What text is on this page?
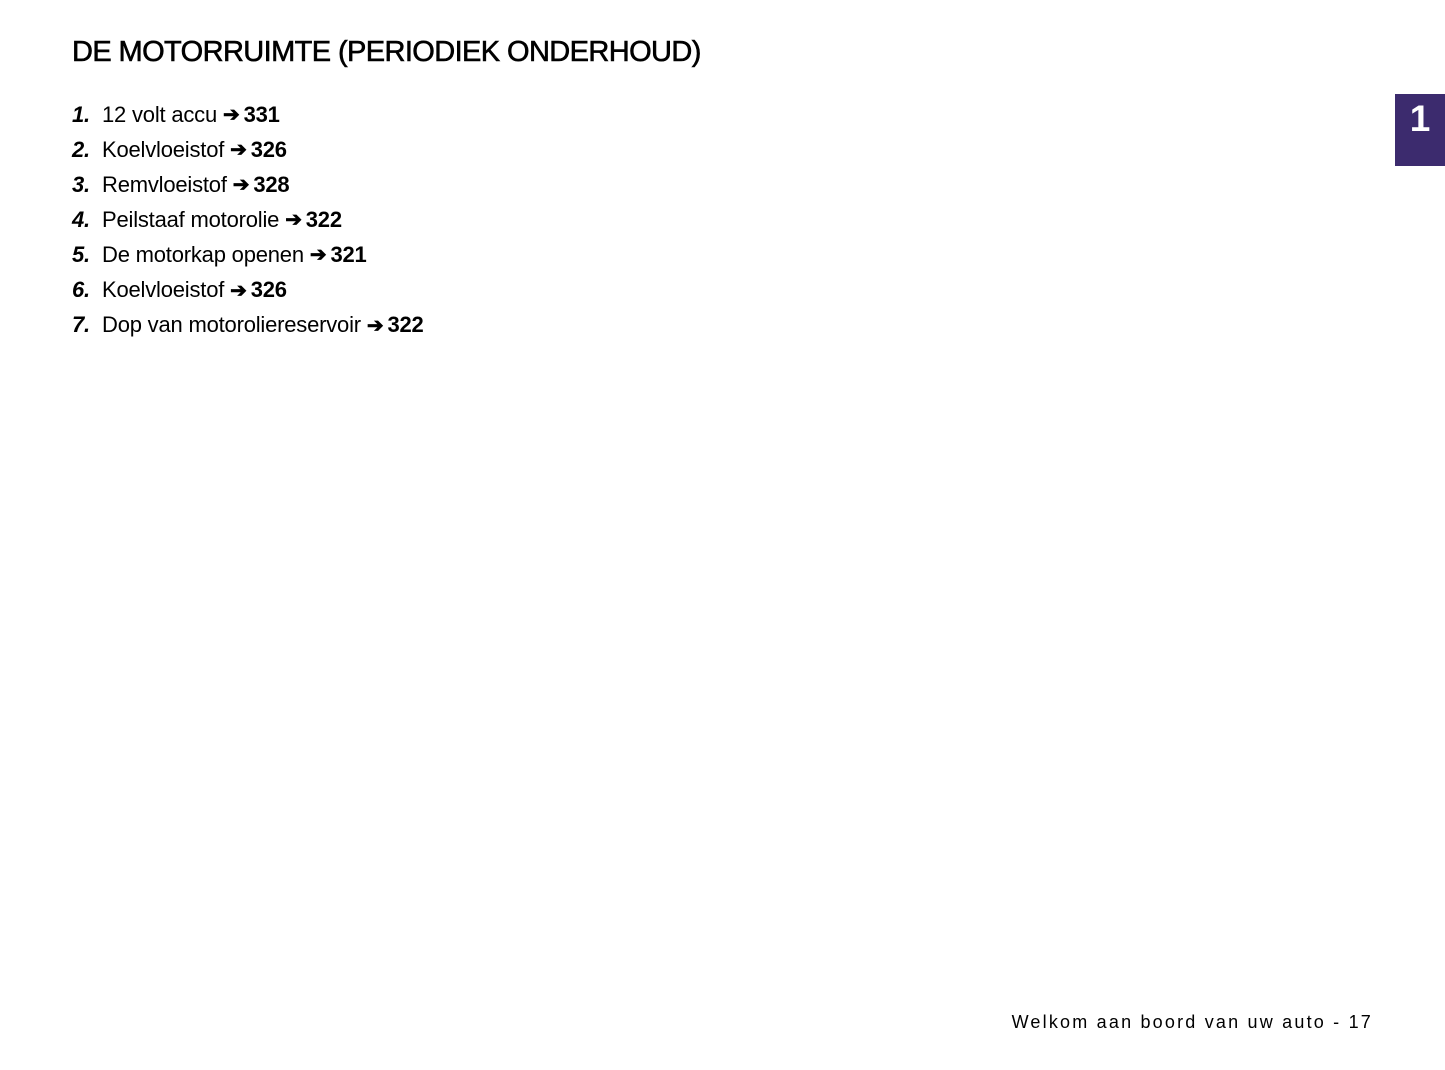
DE MOTORRUIMTE (PERIODIEK ONDERHOUD)
1. 12 volt accu ➔ 331
2. Koelvloeistof ➔ 326
3. Remvloeistof ➔ 328
4. Peilstaaf motorolie ➔ 322
5. De motorkap openen ➔ 321
6. Koelvloeistof ➔ 326
7. Dop van motoroliereservoir ➔ 322
1
Welkom aan boord van uw auto - 17
